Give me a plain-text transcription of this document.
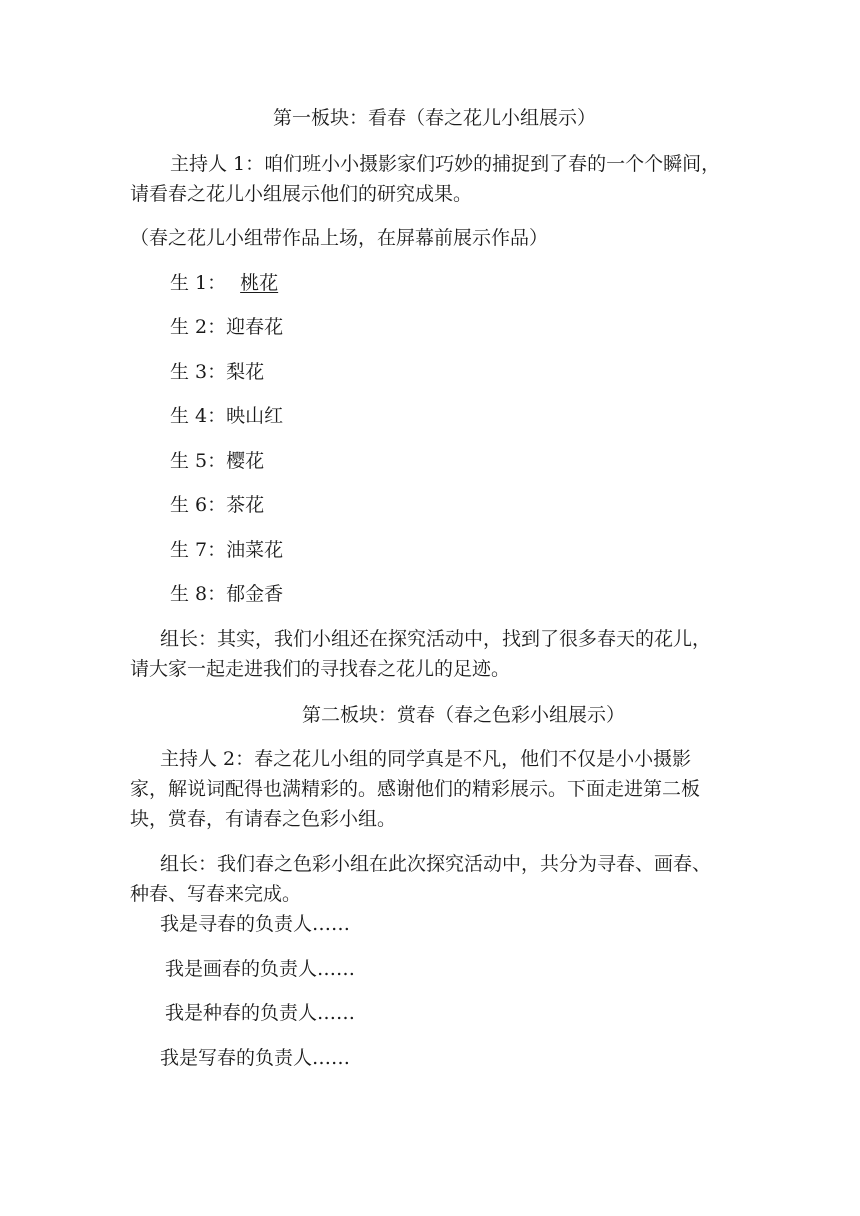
第一板块：看春（春之花儿小组展示）
主持人 1：咱们班小小摄影家们巧妙的捕捉到了春的一个个瞬间，
请看春之花儿小组展示他们的研究成果。
（春之花儿小组带作品上场，在屏幕前展示作品）
生 1： 桃花
生 2：迎春花
生 3：梨花
生 4：映山红
生 5：樱花
生 6：茶花
生 7：油菜花
生 8：郁金香
组长：其实，我们小组还在探究活动中，找到了很多春天的花儿，
请大家一起走进我们的寻找春之花儿的足迹。
第二板块：赏春（春之色彩小组展示）
主持人 2：春之花儿小组的同学真是不凡，他们不仅是小小摄影
家，解说词配得也满精彩的。感谢他们的精彩展示。下面走进第二板
块，赏春，有请春之色彩小组。
组长：我们春之色彩小组在此次探究活动中，共分为寻春、画春、
种春、写春来完成。
我是寻春的负责人……
我是画春的负责人……
我是种春的负责人……
我是写春的负责人……
